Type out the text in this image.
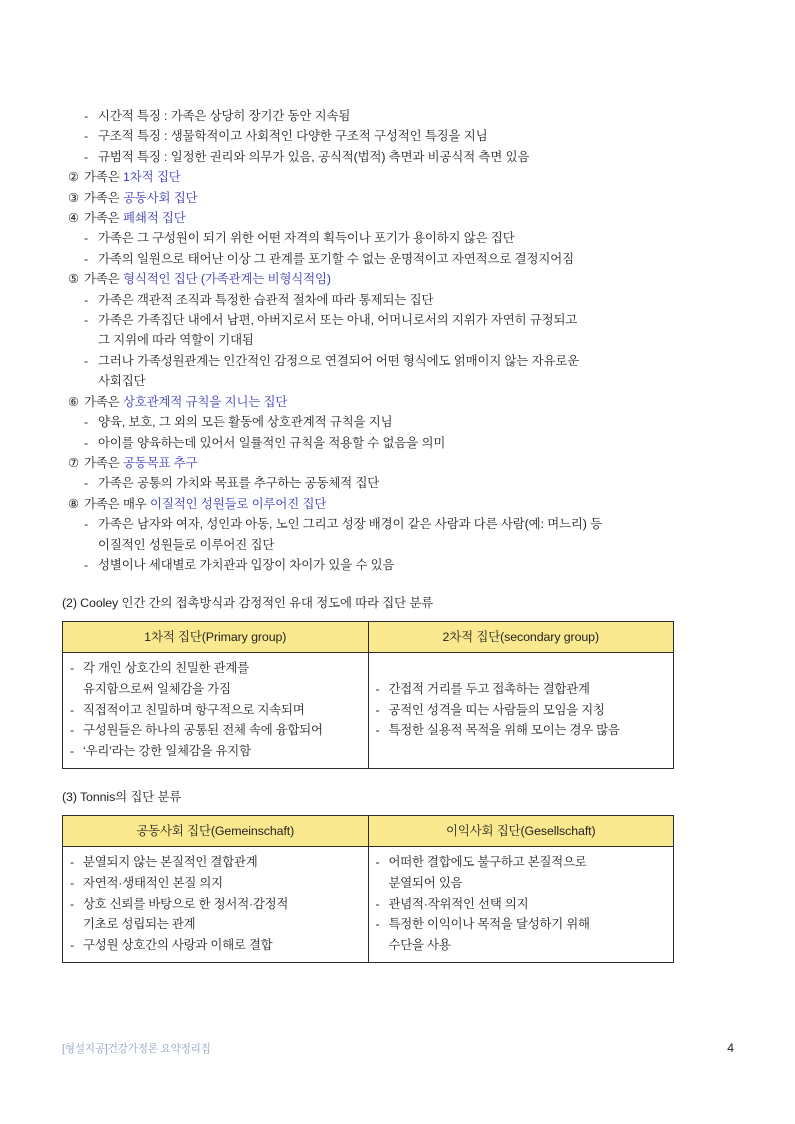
- 시간적 특징 : 가족은 상당히 장기간 동안 지속됨
- 구조적 특징 : 생물학적이고 사회적인 다양한 구조적 구성적인 특징을 지님
- 규범적 특징 : 일정한 권리와 의무가 있음, 공식적(법적) 측면과 비공식적 측면 있음
② 가족은 1차적 집단
③ 가족은 공동사회 집단
④ 가족은 폐쇄적 집단
- 가족은 그 구성원이 되기 위한 어떤 자격의 획득이나 포기가 용이하지 않은 집단
- 가족의 일원으로 태어난 이상 그 관계를 포기할 수 없는 운명적이고 자연적으로 결정지어짐
⑤ 가족은 형식적인 집단 (가족관계는 비형식적임)
- 가족은 객관적 조직과 특정한 습관적 절차에 따라 통제되는 집단
- 가족은 가족집단 내에서 남편, 아버지로서 또는 아내, 어머니로서의 지위가 자연히 규정되고
그 지위에 따라 역할이 기대됨
- 그러나 가족성원관계는 인간적인 감정으로 연결되어 어떤 형식에도 얽매이지 않는 자유로운
사회집단
⑥ 가족은 상호관계적 규칙을 지니는 집단
- 양육, 보호, 그 외의 모든 활동에 상호관계적 규칙을 지님
- 아이를 양육하는데 있어서 일률적인 규칙을 적용할 수 없음을 의미
⑦ 가족은 공동목표 추구
- 가족은 공통의 가치와 목표를 추구하는 공동체적 집단
⑧ 가족은 매우 이질적인 성원들로 이루어진 집단
- 가족은 남자와 여자, 성인과 아동, 노인 그리고 성장 배경이 같은 사람과 다른 사람(예: 며느리) 등
이질적인 성원들로 이루어진 집단
- 성별이나 세대별로 가치관과 입장이 차이가 있을 수 있음
(2) Cooley 인간 간의 접촉방식과 감정적인 유대 정도에 따라 집단 분류
1차적 집단(Primary group)	2차적 집단(secondary group)

- 각 개인 상호간의 친밀한 관계를
유지함으로써 일체감을 가짐
- 직접적이고 친밀하며 항구적으로 지속되며
- 구성원들은 하나의 공통된 전체 속에 융합되어
- ‘우리’라는 강한 일체감을 유지함	- 간접적 거리를 두고 접촉하는 결합관계
- 공적인 성격을 띠는 사람들의 모임을 지칭
- 특정한 실용적 목적을 위해 모이는 경우 많음
(3) Tonnis의 집단 분류
공동사회 집단(Gemeinschaft)	이익사회 집단(Gesellschaft)

- 분열되지 않는 본질적인 결합관계
- 자연적·생태적인 본질 의지
- 상호 신뢰를 바탕으로 한 정서적·감정적
기초로 성립되는 관계
- 구성원 상호간의 사랑과 이해로 결합	- 어떠한 결합에도 불구하고 본질적으로
분열되어 있음
- 관념적·작위적인 선택 의지
- 특정한 이익이나 목적을 달성하기 위해
수단을 사용
[형설지공]건강가정론 요약정리집	4
